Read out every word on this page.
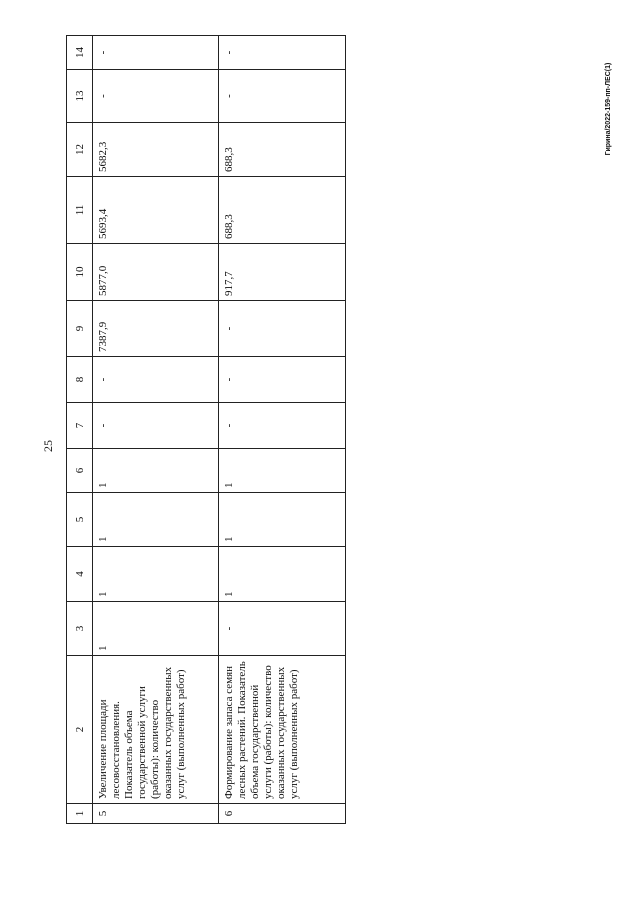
25
Гирина/2022-159-пп-ЛЕС(1)
1	2	3	4	5	6	7	8	9	10	11	12	13	14
5	Увеличение площади лесовосстановления. Показатель объема государственной услуги (работы): количество оказанных государственных услуг (выполненных работ)	1	1	1	1	-	-	7387,9	5877,0	5693,4	5682,3	-	-
6	Формирование запаса семян лесных растений. Показатель объема государственной услуги (работы): количество оказанных государственных услуг (выполненных работ)	-	1	1	1	-	-	-	917,7	688,3	688,3	-	-
